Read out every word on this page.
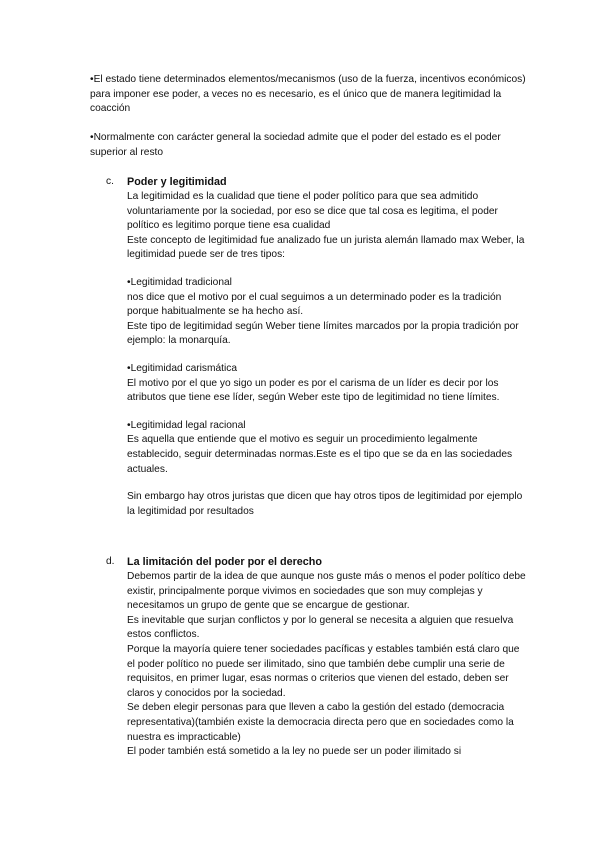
•El estado tiene determinados elementos/mecanismos (uso de la fuerza, incentivos económicos) para imponer ese poder, a veces no es necesario, es el único que de manera legitimidad la coacción

•Normalmente con carácter general la sociedad admite que el poder del estado es el poder superior al resto

c. Poder y legitimidad

La legitimidad es la cualidad que tiene el poder político para que sea admitido voluntariamente por la sociedad, por eso se dice que tal cosa es legitima, el poder político es legitimo porque tiene esa cualidad

Este concepto de legitimidad fue analizado fue un jurista alemán llamado max Weber, la legitimidad puede ser de tres tipos:

•Legitimidad tradicional

nos dice que el motivo por el cual seguimos a un determinado poder es la tradición porque habitualmente se ha hecho así.

Este tipo de legitimidad según Weber tiene límites marcados por la propia tradición por ejemplo: la monarquía.

•Legitimidad carismática

El motivo por el que yo sigo un poder es por el carisma de un líder es decir por los atributos que tiene ese líder, según Weber este tipo de legitimidad no tiene límites.

•Legitimidad legal racional

Es aquella que entiende que el motivo es seguir un procedimiento legalmente establecido, seguir determinadas normas.Este es el tipo que se da en las sociedades actuales.

Sin embargo hay otros juristas que dicen que hay otros tipos de legitimidad por ejemplo la legitimidad por resultados

d. La limitación del poder por el derecho

Debemos partir de la idea de que aunque nos guste más o menos el poder político debe existir, principalmente porque vivimos en sociedades que son muy complejas y necesitamos un grupo de gente que se encargue de gestionar.

Es inevitable que surjan conflictos y por lo general se necesita a alguien que resuelva estos conflictos.

Porque la mayoría quiere tener sociedades pacíficas y estables también está claro que

el poder político no puede ser ilimitado, sino que también debe cumplir una serie de requisitos, en primer lugar, esas normas o criterios que vienen del estado, deben ser claros y conocidos por la sociedad.

Se deben elegir personas para que lleven a cabo la gestión del estado (democracia representativa)(también existe la democracia directa pero que en sociedades como la nuestra es impracticable)

El poder también está sometido a la ley no puede ser un poder ilimitado si
